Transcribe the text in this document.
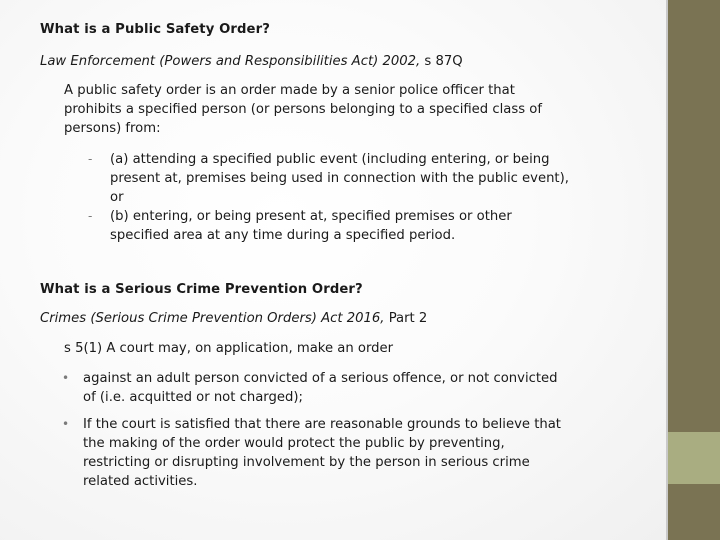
What is a Public Safety Order?

Law Enforcement (Powers and Responsibilities Act) 2002, s 87Q

A public safety order is an order made by a senior police officer that
prohibits a specified person (or persons belonging to a specified class of
persons) from:
- (a) attending a specified public event (including entering, or being
present at, premises being used in connection with the public event),
or
- (b) entering, or being present at, specified premises or other
specified area at any time during a specified period.

What is a Serious Crime Prevention Order?

Crimes (Serious Crime Prevention Orders) Act 2016, Part 2

s 5(1) A court may, on application, make an order

• against an adult person convicted of a serious offence, or not convicted
of (i.e. acquitted or not charged);
• If the court is satisfied that there are reasonable grounds to believe that
the making of the order would protect the public by preventing,
restricting or disrupting involvement by the person in serious crime
related activities.
